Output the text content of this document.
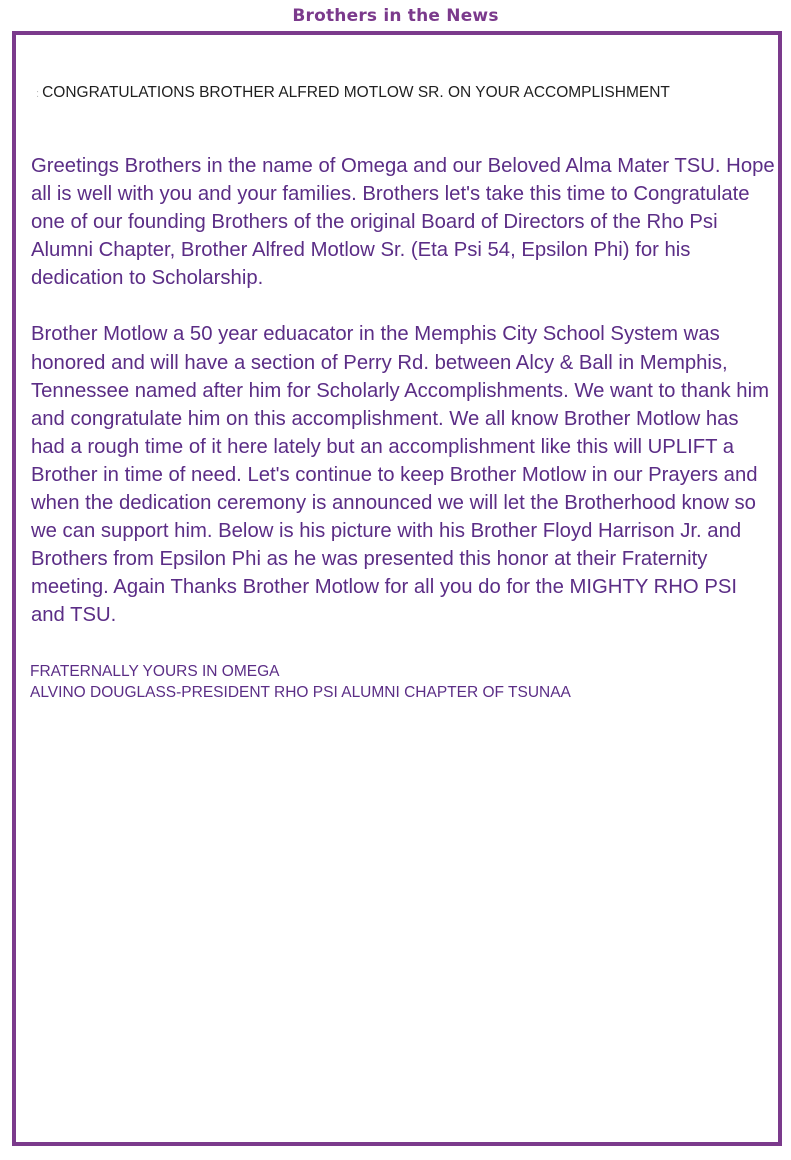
Brothers in the News
: CONGRATULATIONS BROTHER ALFRED MOTLOW SR. ON YOUR ACCOMPLISHMENT

Greetings Brothers in the name of Omega and our Beloved Alma Mater TSU. Hope all is well with you and your families. Brothers let's take this time to Congratulate one of our founding Brothers of the original Board of Directors of the Rho Psi Alumni Chapter, Brother Alfred Motlow Sr. (Eta Psi 54, Epsilon Phi) for his dedication to Scholarship.

Brother Motlow a 50 year eduacator in the Memphis City School System was honored and will have a section of Perry Rd. between Alcy & Ball in Memphis, Tennessee named after him for Scholarly Accomplishments. We want to thank him and congratulate him on this accomplishment. We all know Brother Motlow has had a rough time of it here lately but an accomplishment like this will UPLIFT a Brother in time of need. Let's continue to keep Brother Motlow in our Prayers and when the dedication ceremony is announced we will let the Brotherhood know so we can support him. Below is his picture with his Brother Floyd Harrison Jr. and Brothers from Epsilon Phi as he was presented this honor at their Fraternity meeting. Again Thanks Brother Motlow for all you do for the MIGHTY RHO PSI and TSU.

FRATERNALLY YOURS IN OMEGA
ALVINO DOUGLASS-PRESIDENT RHO PSI ALUMNI CHAPTER OF TSUNAA
